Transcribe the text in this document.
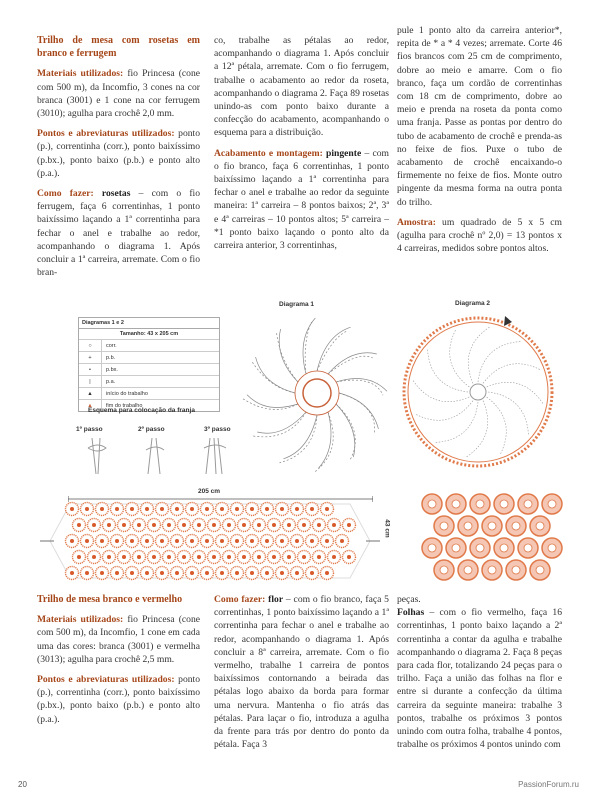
Trilho de mesa com rosetas em branco e ferrugem

Materiais utilizados: fio Princesa (cone com 500 m), da Incomfio, 3 cones na cor branca (3001) e 1 cone na cor ferrugem (3010); agulha para crochê 2,0 mm.

Pontos e abreviaturas utilizados: ponto (p.), correntinha (corr.), ponto baixíssimo (p.bx.), ponto baixo (p.b.) e ponto alto (p.a.).

Como fazer: rosetas – com o fio ferrugem, faça 6 correntinhas, 1 ponto baixíssimo laçando a 1ª correntinha para fechar o anel e trabalhe ao redor, acompanhando o diagrama 1. Após concluir a 1ª carreira, arremate. Com o fio bran-

co, trabalhe as pétalas ao redor, acompanhando o diagrama 1. Após concluir a 12ª pétala, arremate. Com o fio ferrugem, trabalhe o acabamento ao redor da roseta, acompanhando o diagrama 2. Faça 89 rosetas unindo-as com ponto baixo durante a confecção do acabamento, acompanhando o esquema para a distribuição.

Acabamento e montagem: pingente – com o fio branco, faça 6 correntinhas, 1 ponto baixíssimo laçando a 1ª correntinha para fechar o anel e trabalhe ao redor da seguinte maneira: 1ª carreira – 8 pontos baixos; 2ª, 3ª e 4ª carreiras – 10 pontos altos; 5ª carreira – *1 ponto baixo laçando o ponto alto da carreira anterior, 3 correntinhas,

pule 1 ponto alto da carreira anterior*, repita de * a * 4 vezes; arremate. Corte 46 fios brancos com 25 cm de comprimento, dobre ao meio e amarre. Com o fio branco, faça um cordão de correntinhas com 18 cm de comprimento, dobre ao meio e prenda na roseta da ponta como uma franja. Passe as pontas por dentro do tubo de acabamento de crochê e prenda-as no feixe de fios. Puxe o tubo de acabamento de crochê encaixando-o firmemente no feixe de fios. Monte outro pingente da mesma forma na outra ponta do trilho.

Amostra: um quadrado de 5 x 5 cm (agulha para crochê nº 2,0) = 13 pontos x 4 carreiras, medidos sobre pontos altos.

Diagramas 1 e 2
Tamanho: 43 x 205 cm
○	corr.
+	p.b.
•	p.bx.
|	p.a.
▲	início do trabalho
▲	fim do trabalho
Esquema para colocação da franja
1º passo	2º passo	3º passo
Diagrama 1	Diagrama 2
205 cm
43 cm

Trilho de mesa branco e vermelho

Materiais utilizados: fio Princesa (cone com 500 m), da Incomfio, 1 cone em cada uma das cores: branca (3001) e vermelha (3013); agulha para crochê 2,5 mm.

Pontos e abreviaturas utilizados: ponto (p.), correntinha (corr.), ponto baixíssimo (p.bx.), ponto baixo (p.b.) e ponto alto (p.a.).

Como fazer: flor – com o fio branco, faça 5 correntinhas, 1 ponto baixíssimo laçando a 1ª correntinha para fechar o anel e trabalhe ao redor, acompanhando o diagrama 1. Após concluir a 8ª carreira, arremate. Com o fio vermelho, trabalhe 1 carreira de pontos baixíssimos contornando a beirada das pétalas logo abaixo da borda para formar uma nervura. Mantenha o fio atrás das pétalas. Para laçar o fio, introduza a agulha da frente para trás por dentro do ponto da pétala. Faça 3

peças.

Folhas – com o fio vermelho, faça 16 correntinhas, 1 ponto baixo laçando a 2ª correntinha a contar da agulha e trabalhe acompanhando o diagrama 2. Faça 8 peças para cada flor, totalizando 24 peças para o trilho. Faça a união das folhas na flor e entre si durante a confecção da última carreira da seguinte maneira: trabalhe 3 pontos, trabalhe os próximos 3 pontos unindo com outra folha, trabalhe 4 pontos, trabalhe os próximos 4 pontos unindo com

20	PassionForum.ru
